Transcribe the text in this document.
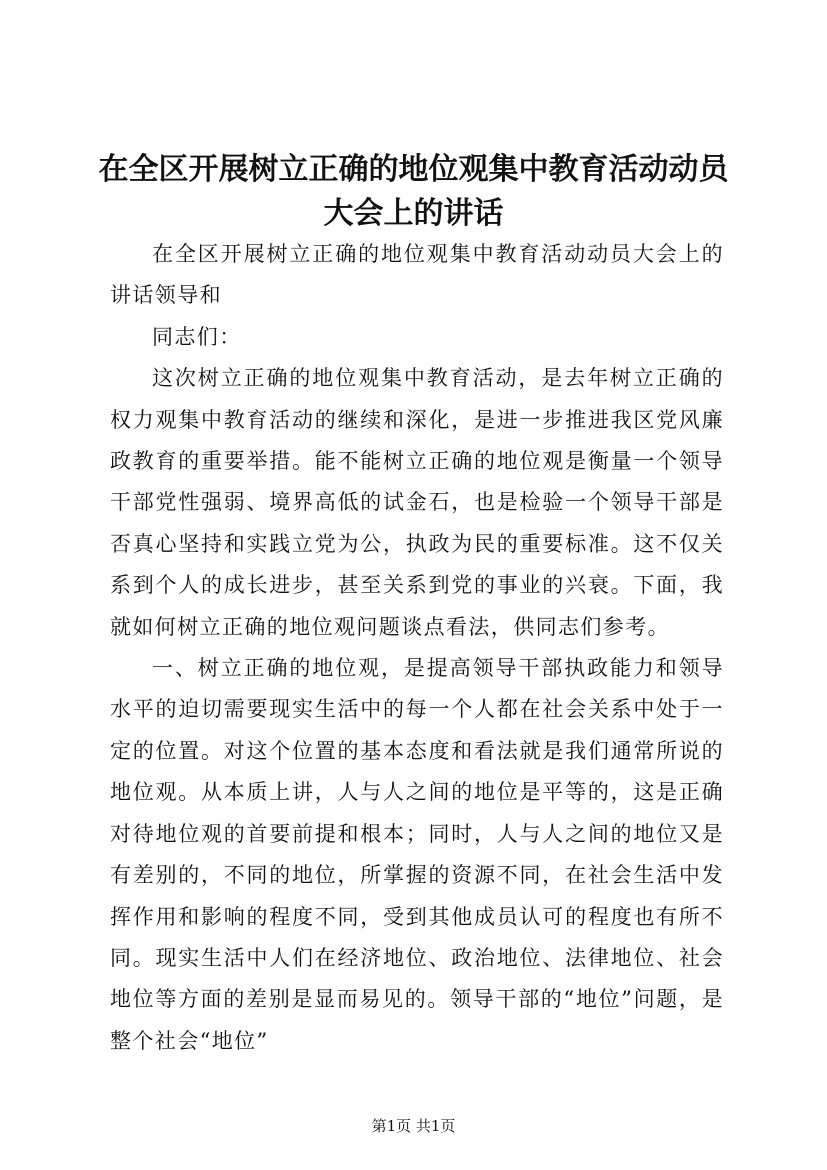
在全区开展树立正确的地位观集中教育活动动员大会上的讲话

在全区开展树立正确的地位观集中教育活动动员大会上的讲话领导和

同志们：

这次树立正确的地位观集中教育活动，是去年树立正确的权力观集中教育活动的继续和深化，是进一步推进我区党风廉政教育的重要举措。能不能树立正确的地位观是衡量一个领导干部党性强弱、境界高低的试金石，也是检验一个领导干部是否真心坚持和实践立党为公，执政为民的重要标准。这不仅关系到个人的成长进步，甚至关系到党的事业的兴衰。下面，我就如何树立正确的地位观问题谈点看法，供同志们参考。

一、树立正确的地位观，是提高领导干部执政能力和领导水平的迫切需要现实生活中的每一个人都在社会关系中处于一定的位置。对这个位置的基本态度和看法就是我们通常所说的地位观。从本质上讲，人与人之间的地位是平等的，这是正确对待地位观的首要前提和根本；同时，人与人之间的地位又是有差别的，不同的地位，所掌握的资源不同，在社会生活中发挥作用和影响的程度不同，受到其他成员认可的程度也有所不同。现实生活中人们在经济地位、政治地位、法律地位、社会地位等方面的差别是显而易见的。领导干部的“地位”问题，是整个社会“地位”

第1页 共1页
